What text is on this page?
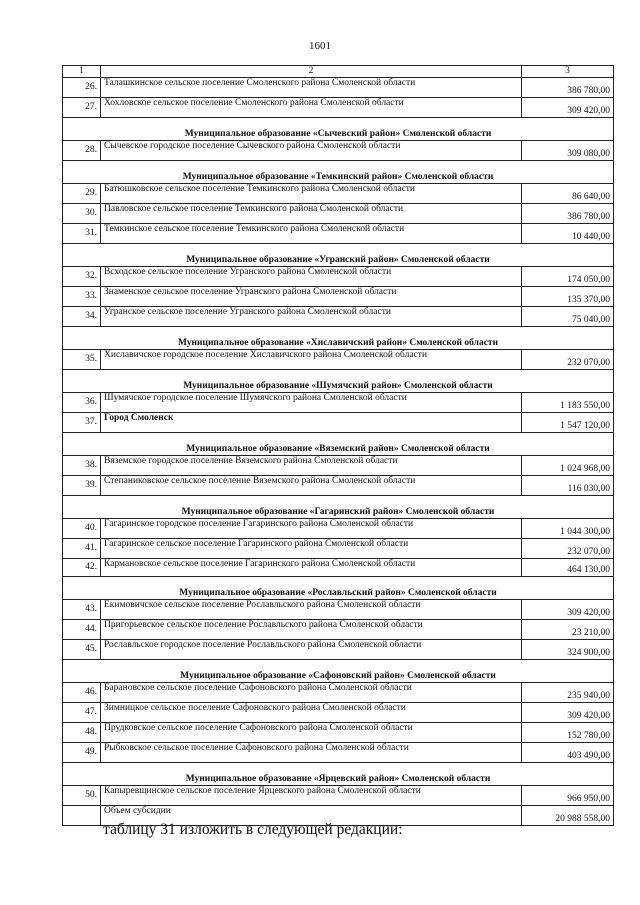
1601
1	2	3
26.	Талашкинское сельское поселение Смоленского района Смоленской области	386 780,00
27.	Хохловское сельское поселение Смоленского района Смоленской области	309 420,00
Муниципальное образование «Сычевский район» Смоленской области		
28.	Сычевское городское поселение Сычевского района Смоленской области	309 080,00
Муниципальное образование «Темкинский район» Смоленской области		
29.	Батюшковское сельское поселение Темкинского района Смоленской области	86 640,00
30.	Павловское сельское поселение Темкинского района Смоленской области	386 780,00
31.	Темкинское сельское поселение Темкинского района Смоленской области	10 440,00
Муниципальное образование «Угранский район» Смоленской области		
32.	Всходское сельское поселение Угранского района Смоленской области	174 050,00
33.	Знаменское сельское поселение Угранского района Смоленской области	135 370,00
34.	Угранское сельское поселение Угранского района Смоленской области	75 040,00
Муниципальное образование «Хиславичский район» Смоленской области		
35.	Хиславичское городское поселение Хиславичского района Смоленской области	232 070,00
Муниципальное образование «Шумячский район» Смоленской области		
36.	Шумячское городское поселение Шумячского района Смоленской области	1 183 550,00
37.	Город Смоленск	1 547 120,00
Муниципальное образование «Вяземский район» Смоленской области		
38.	Вяземское городское поселение Вяземского района Смоленской области	1 024 968,00
39.	Степаниковское сельское поселение Вяземского района Смоленской области	116 030,00
Муниципальное образование «Гагаринский район» Смоленской области		
40.	Гагаринское городское поселение Гагаринского района Смоленской области	1 044 300,00
41.	Гагаринское сельское поселение Гагаринского района Смоленской области	232 070,00
42.	Кармановское сельское поселение Гагаринского района Смоленской области	464 130,00
Муниципальное образование «Рославльский район» Смоленской области		
43.	Екимовичское сельское поселение Рославльского района Смоленской области	309 420,00
44.	Пригорьевское сельское поселение Рославльского района Смоленской области	23 210,00
45.	Рославльское городское поселение Рославльского района Смоленской области	324 900,00
Муниципальное образование «Сафоновский район» Смоленской области		
46.	Барановское сельское поселение Сафоновского района Смоленской области	235 940,00
47.	Зимницкое сельское поселение Сафоновского района Смоленской области	309 420,00
48.	Прудковское сельское поселение Сафоновского района Смоленской области	152 780,00
49.	Рыбковское сельское поселение Сафоновского района Смоленской области	403 490,00
Муниципальное образование «Ярцевский район» Смоленской области		
50.	Капыревщинское сельское поселение Ярцевского района Смоленской области	966 950,00
	Объем субсидии	20 988 558,00
таблицу 31 изложить в следующей редакции:
